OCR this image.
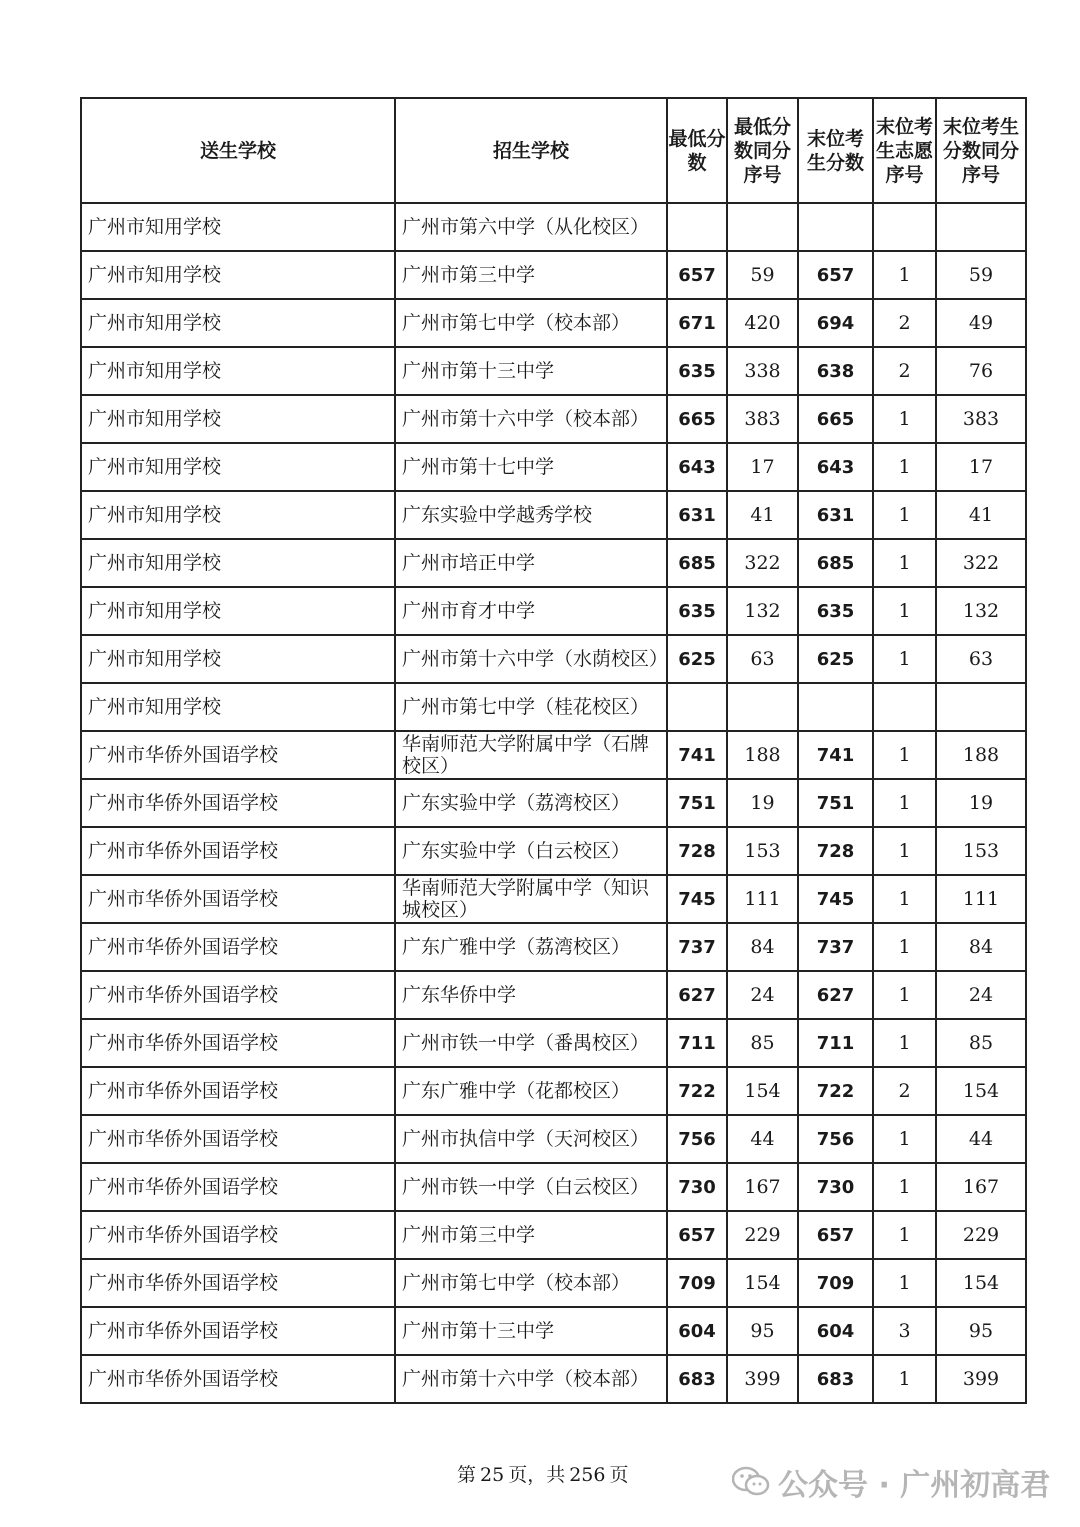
送生学校	招生学校	最低分数	最低分数同分序号	末位考生分数	末位考生志愿序号	末位考生分数同分序号
广州市知用学校	广州市第六中学（从化校区）					
广州市知用学校	广州市第三中学	657	59	657	1	59
广州市知用学校	广州市第七中学（校本部）	671	420	694	2	49
广州市知用学校	广州市第十三中学	635	338	638	2	76
广州市知用学校	广州市第十六中学（校本部）	665	383	665	1	383
广州市知用学校	广州市第十七中学	643	17	643	1	17
广州市知用学校	广东实验中学越秀学校	631	41	631	1	41
广州市知用学校	广州市培正中学	685	322	685	1	322
广州市知用学校	广州市育才中学	635	132	635	1	132
广州市知用学校	广州市第十六中学（水荫校区）	625	63	625	1	63
广州市知用学校	广州市第七中学（桂花校区）					
广州市华侨外国语学校	华南师范大学附属中学（石牌校区）	741	188	741	1	188
广州市华侨外国语学校	广东实验中学（荔湾校区）	751	19	751	1	19
广州市华侨外国语学校	广东实验中学（白云校区）	728	153	728	1	153
广州市华侨外国语学校	华南师范大学附属中学（知识城校区）	745	111	745	1	111
广州市华侨外国语学校	广东广雅中学（荔湾校区）	737	84	737	1	84
广州市华侨外国语学校	广东华侨中学	627	24	627	1	24
广州市华侨外国语学校	广州市铁一中学（番禺校区）	711	85	711	1	85
广州市华侨外国语学校	广东广雅中学（花都校区）	722	154	722	2	154
广州市华侨外国语学校	广州市执信中学（天河校区）	756	44	756	1	44
广州市华侨外国语学校	广州市铁一中学（白云校区）	730	167	730	1	167
广州市华侨外国语学校	广州市第三中学	657	229	657	1	229
广州市华侨外国语学校	广州市第七中学（校本部）	709	154	709	1	154
广州市华侨外国语学校	广州市第十三中学	604	95	604	3	95
广州市华侨外国语学校	广州市第十六中学（校本部）	683	399	683	1	399
第 25 页，共 256 页	公众号 · 广州初高君
